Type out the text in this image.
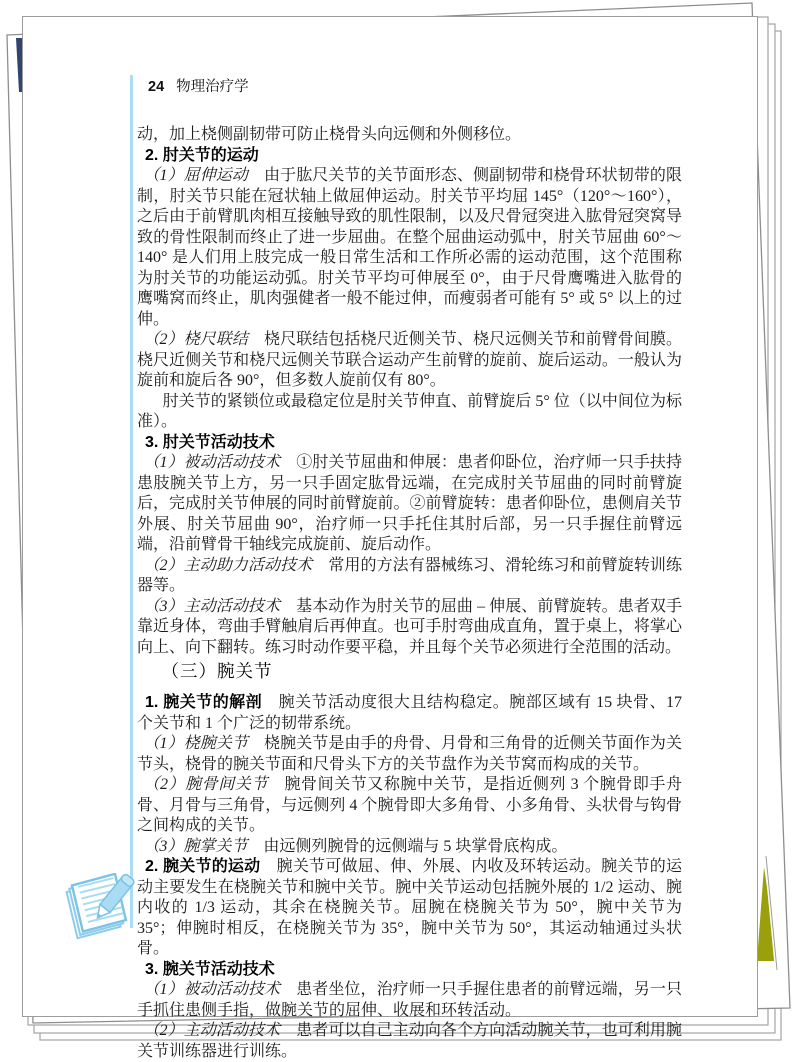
24 物理治疗学

动，加上桡侧副韧带可防止桡骨头向远侧和外侧移位。

2. 肘关节的运动

（1）屈伸运动　由于肱尺关节的关节面形态、侧副韧带和桡骨环状韧带的限制，肘关节只能在冠状轴上做屈伸运动。肘关节平均屈 145°（120°～160°），之后由于前臂肌肉相互接触导致的肌性限制，以及尺骨冠突进入肱骨冠突窝导致的骨性限制而终止了进一步屈曲。在整个屈曲运动弧中，肘关节屈曲 60°～140° 是人们用上肢完成一般日常生活和工作所必需的运动范围，这个范围称为肘关节的功能运动弧。肘关节平均可伸展至 0°，由于尺骨鹰嘴进入肱骨的鹰嘴窝而终止，肌肉强健者一般不能过伸，而瘦弱者可能有 5° 或 5° 以上的过伸。

（2）桡尺联结　桡尺联结包括桡尺近侧关节、桡尺远侧关节和前臂骨间膜。桡尺近侧关节和桡尺远侧关节联合运动产生前臂的旋前、旋后运动。一般认为旋前和旋后各 90°，但多数人旋前仅有 80°。

肘关节的紧锁位或最稳定位是肘关节伸直、前臂旋后 5° 位（以中间位为标准）。

3. 肘关节活动技术

（1）被动活动技术　①肘关节屈曲和伸展：患者仰卧位，治疗师一只手扶持患肢腕关节上方，另一只手固定肱骨远端，在完成肘关节屈曲的同时前臂旋后，完成肘关节伸展的同时前臂旋前。②前臂旋转：患者仰卧位，患侧肩关节外展、肘关节屈曲 90°，治疗师一只手托住其肘后部，另一只手握住前臂远端，沿前臂骨干轴线完成旋前、旋后动作。

（2）主动助力活动技术　常用的方法有器械练习、滑轮练习和前臂旋转训练器等。

（3）主动活动技术　基本动作为肘关节的屈曲 – 伸展、前臂旋转。患者双手靠近身体，弯曲手臂触肩后再伸直。也可手肘弯曲成直角，置于桌上，将掌心向上、向下翻转。练习时动作要平稳，并且每个关节必须进行全范围的活动。

（三）腕关节

1. 腕关节的解剖　腕关节活动度很大且结构稳定。腕部区域有 15 块骨、17 个关节和 1 个广泛的韧带系统。

（1）桡腕关节　桡腕关节是由手的舟骨、月骨和三角骨的近侧关节面作为关节头，桡骨的腕关节面和尺骨头下方的关节盘作为关节窝而构成的关节。

（2）腕骨间关节　腕骨间关节又称腕中关节，是指近侧列 3 个腕骨即手舟骨、月骨与三角骨，与远侧列 4 个腕骨即大多角骨、小多角骨、头状骨与钩骨之间构成的关节。

（3）腕掌关节　由远侧列腕骨的远侧端与 5 块掌骨底构成。

2. 腕关节的运动　腕关节可做屈、伸、外展、内收及环转运动。腕关节的运动主要发生在桡腕关节和腕中关节。腕中关节运动包括腕外展的 1/2 运动、腕内收的 1/3 运动，其余在桡腕关节。屈腕在桡腕关节为 50°，腕中关节为 35°；伸腕时相反，在桡腕关节为 35°，腕中关节为 50°，其运动轴通过头状骨。

3. 腕关节活动技术

（1）被动活动技术　患者坐位，治疗师一只手握住患者的前臂远端，另一只手抓住患侧手指，做腕关节的屈伸、收展和环转活动。

（2）主动活动技术　患者可以自己主动向各个方向活动腕关节，也可利用腕关节训练器进行训练。
